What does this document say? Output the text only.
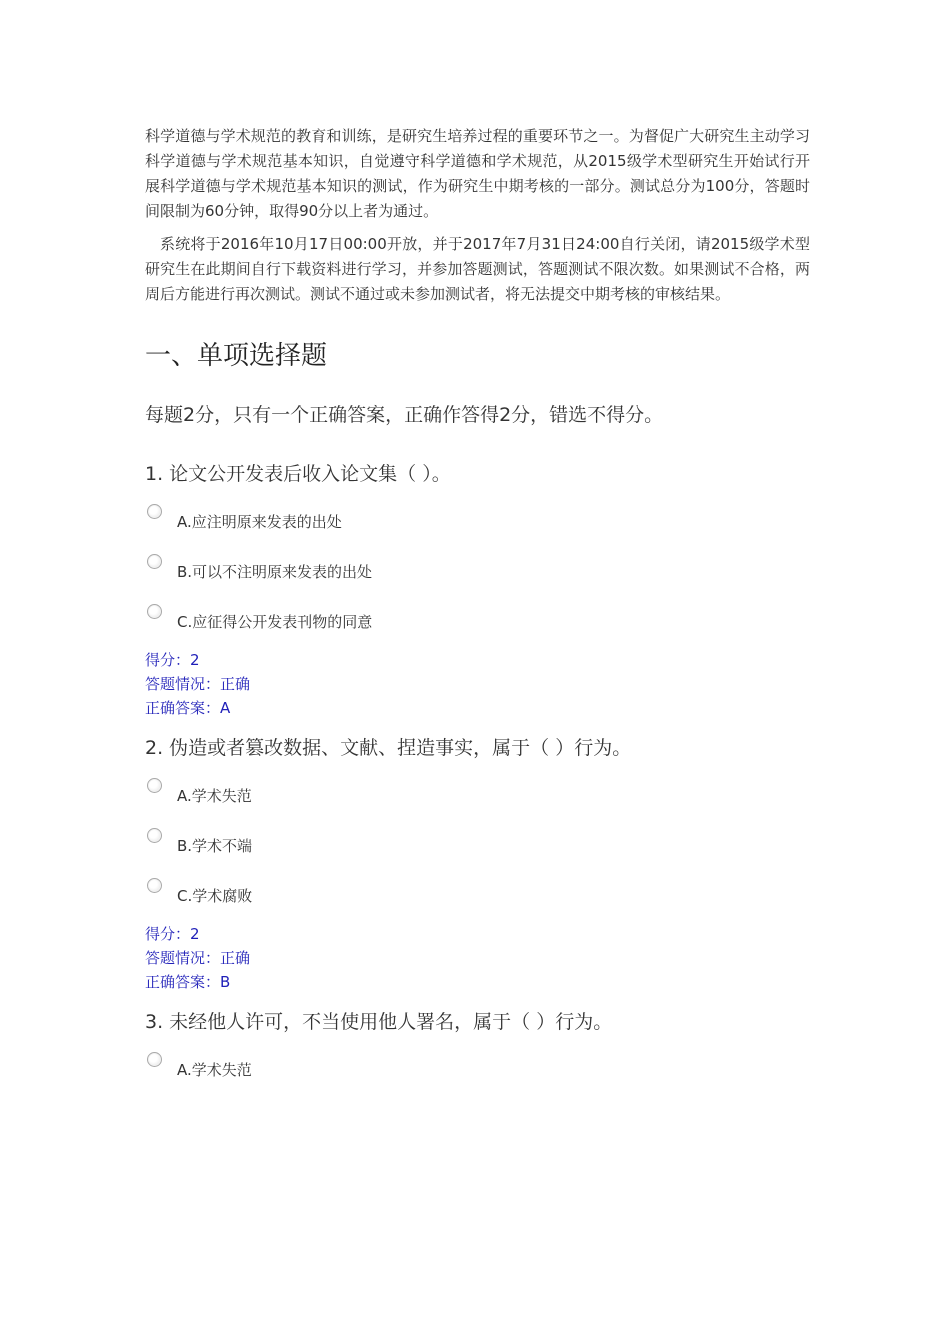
科学道德与学术规范的教育和训练，是研究生培养过程的重要环节之一。为督促广大研究生主动学习科学道德与学术规范基本知识，自觉遵守科学道德和学术规范，从2015级学术型研究生开始试行开展科学道德与学术规范基本知识的测试，作为研究生中期考核的一部分。测试总分为100分，答题时间限制为60分钟，取得90分以上者为通过。

系统将于2016年10月17日00:00开放，并于2017年7月31日24:00自行关闭，请2015级学术型研究生在此期间自行下载资料进行学习，并参加答题测试，答题测试不限次数。如果测试不合格，两周后方能进行再次测试。测试不通过或未参加测试者，将无法提交中期考核的审核结果。

一、单项选择题
每题2分，只有一个正确答案，正确作答得2分，错选不得分。
1. 论文公开发表后收入论文集（ ）。
A.应注明原来发表的出处
B.可以不注明原来发表的出处
C.应征得公开发表刊物的同意
得分：2
答题情况：正确
正确答案：A
2. 伪造或者篡改数据、文献、捏造事实，属于（ ）行为。
A.学术失范
B.学术不端
C.学术腐败
得分：2
答题情况：正确
正确答案：B
3. 未经他人许可，不当使用他人署名，属于（ ）行为。
A.学术失范
